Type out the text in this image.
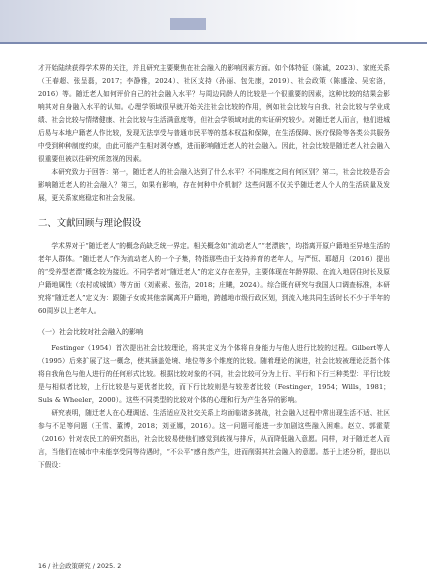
才开始陆续获得学术界的关注，并且研究主要聚焦在社会融入的影响因素方面。如个体特征（陈诚，2023）、家庭关系（王春超、张呈磊，2017；李静雅，2024）、社区支持（孙丽、包先康，2019）、社会政策（陈盛淦、吴宏洛，2016）等。随迁老人如何评价自己的社会融入水平？与周边同龄人的比较是一个很重要的因素，这种比较的结果会影响其对自身融入水平的认知。心理学领域很早就开始关注社会比较的作用，例如社会比较与自我、社会比较与学业成绩、社会比较与情绪健康、社会比较与生活满意度等，但社会学领域对此的实证研究较少。对随迁老人而言，他们进城后易与本地户籍老人作比较，发现无法享受与普通市民平等的基本权益和保障，在生活保障、医疗保险等各类公共服务中受到种种制度约束，由此可能产生相对剥夺感，进而影响随迁老人的社会融入。因此，社会比较是随迁老人社会融入很重要但被以往研究所忽视的因素。

本研究致力于回答：第一，随迁老人的社会融入达到了什么水平？不同维度之间有何区别？第二，社会比较是否会影响随迁老人的社会融入？第三，如果有影响，存在何种中介机制？这些问题不仅关乎随迁老人个人的生活质量及发展，更关系家庭稳定和社会发展。

二、文献回顾与理论假设

学术界对于“随迁老人”的概念尚缺乏统一界定。相关概念如“流动老人”“老漂族”，均指离开原户籍地至异地生活的老年人群体。“随迁老人”作为流动老人的一个子集，特指那些由于支持养育的老年人，与严恒、耶超月（2016）提出的“受养型老漂”概念较为接近。不同学者对“随迁老人”的定义存在差异，主要体现在年龄界限、在流入地居住时长及原户籍地属性（农村或城镇）等方面（刘素素、张浩，2018；庄曦，2024）。综合既有研究与我国人口调查标准，本研究将“随迁老人”定义为：跟随子女或其他亲属离开户籍地，跨越地市级行政区划，到流入地共同生活时长不少于半年的60周岁以上老年人。

（一）社会比较对社会融入的影响

Festinger（1954）首次提出社会比较理论，将其定义为个体将自身能力与他人进行比较的过程。Gilbert等人（1995）后来扩展了这一概念，使其涵盖处境、地位等多个维度的比较。随着理论的演进，社会比较被理论泛指个体将自我角色与他人进行的任何形式比较。根据比较对象的不同，社会比较可分为上行、平行和下行三种类型：平行比较是与相似者比较，上行比较是与更优者比较，而下行比较则是与较差者比较（Festinger，1954；Wills，1981；Suls & Wheeler，2000）。这些不同类型的比较对个体的心理和行为产生各异的影响。

研究表明，随迁老人在心理调适、生活适应及社交关系上均面临诸多挑战，社会融入过程中常出现生活不适、社区参与不足等问题（王雪、董博，2018；刘亚娜，2016）。这一问题可能进一步加剧这些融入困难。赵立、郭霍蒙（2016）针对农民工的研究指出，社会比较易使他们感觉到歧视与排斥，从而降低融入意愿。同样，对于随迁老人而言，当他们在城市中未能享受同等待遇时，“不公平”感自然产生，进而削弱其社会融入的意愿。基于上述分析，提出以下假设：

16 / 社会政策研究 / 2025. 2
